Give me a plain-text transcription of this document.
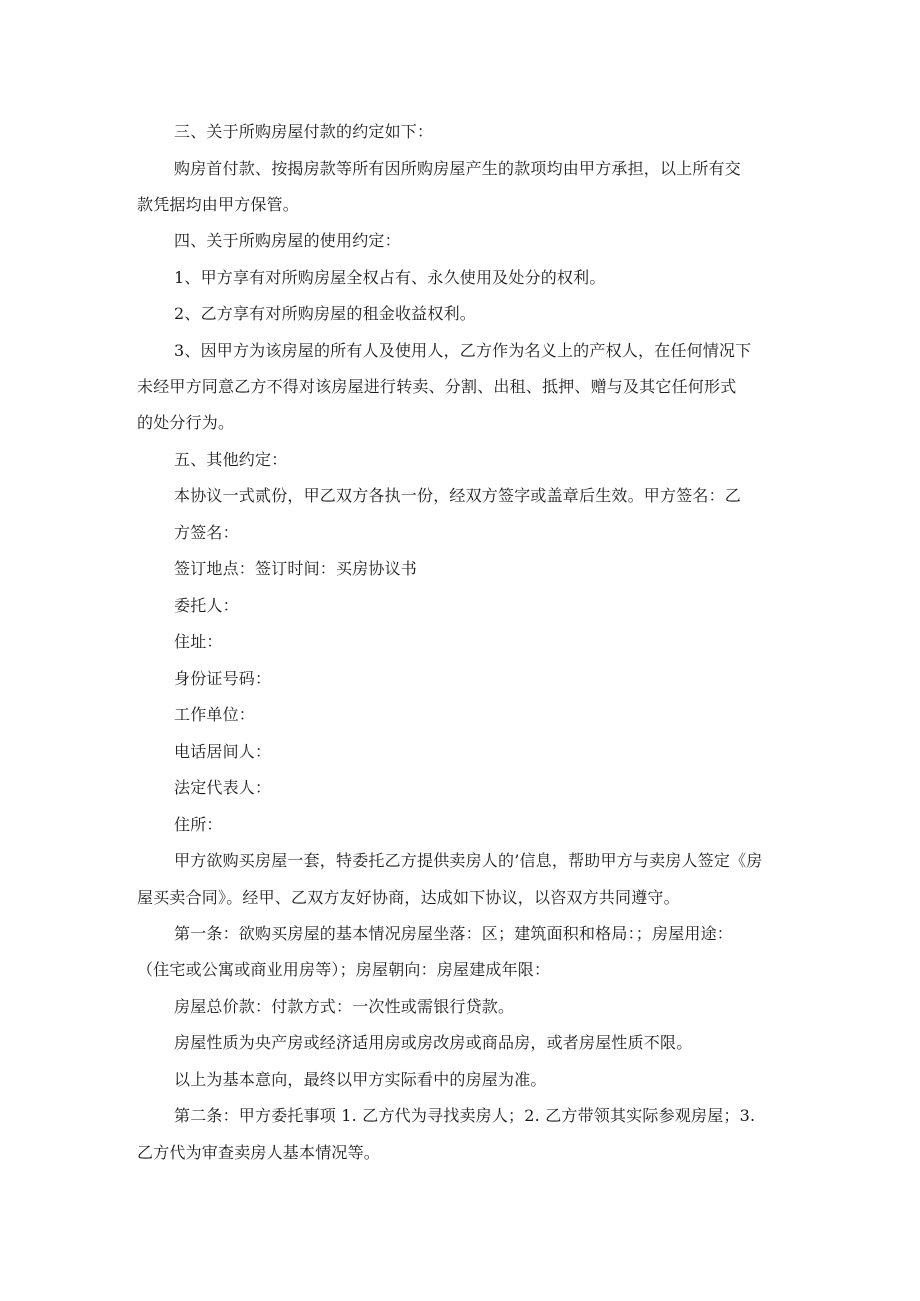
三、关于所购房屋付款的约定如下：
购房首付款、按揭房款等所有因所购房屋产生的款项均由甲方承担，以上所有交
款凭据均由甲方保管。
四、关于所购房屋的使用约定：
1、甲方享有对所购房屋全权占有、永久使用及处分的权利。
2、乙方享有对所购房屋的租金收益权利。
3、因甲方为该房屋的所有人及使用人，乙方作为名义上的产权人，在任何情况下
未经甲方同意乙方不得对该房屋进行转卖、分割、出租、抵押、赠与及其它任何形式
的处分行为。
五、其他约定：
本协议一式贰份，甲乙双方各执一份，经双方签字或盖章后生效。甲方签名：乙
方签名：
签订地点：签订时间：买房协议书
委托人：
住址：
身份证号码：
工作单位：
电话居间人：
法定代表人：
住所：
甲方欲购买房屋一套，特委托乙方提供卖房人的’信息，帮助甲方与卖房人签定《房
屋买卖合同》。经甲、乙双方友好协商，达成如下协议，以咨双方共同遵守。
第一条：欲购买房屋的基本情况房屋坐落：区；建筑面积和格局：；房屋用途：
（住宅或公寓或商业用房等）；房屋朝向：房屋建成年限：
房屋总价款：付款方式：一次性或需银行贷款。
房屋性质为央产房或经济适用房或房改房或商品房，或者房屋性质不限。
以上为基本意向，最终以甲方实际看中的房屋为准。
第二条：甲方委托事项 1. 乙方代为寻找卖房人；2. 乙方带领其实际参观房屋；3.
乙方代为审查卖房人基本情况等。
